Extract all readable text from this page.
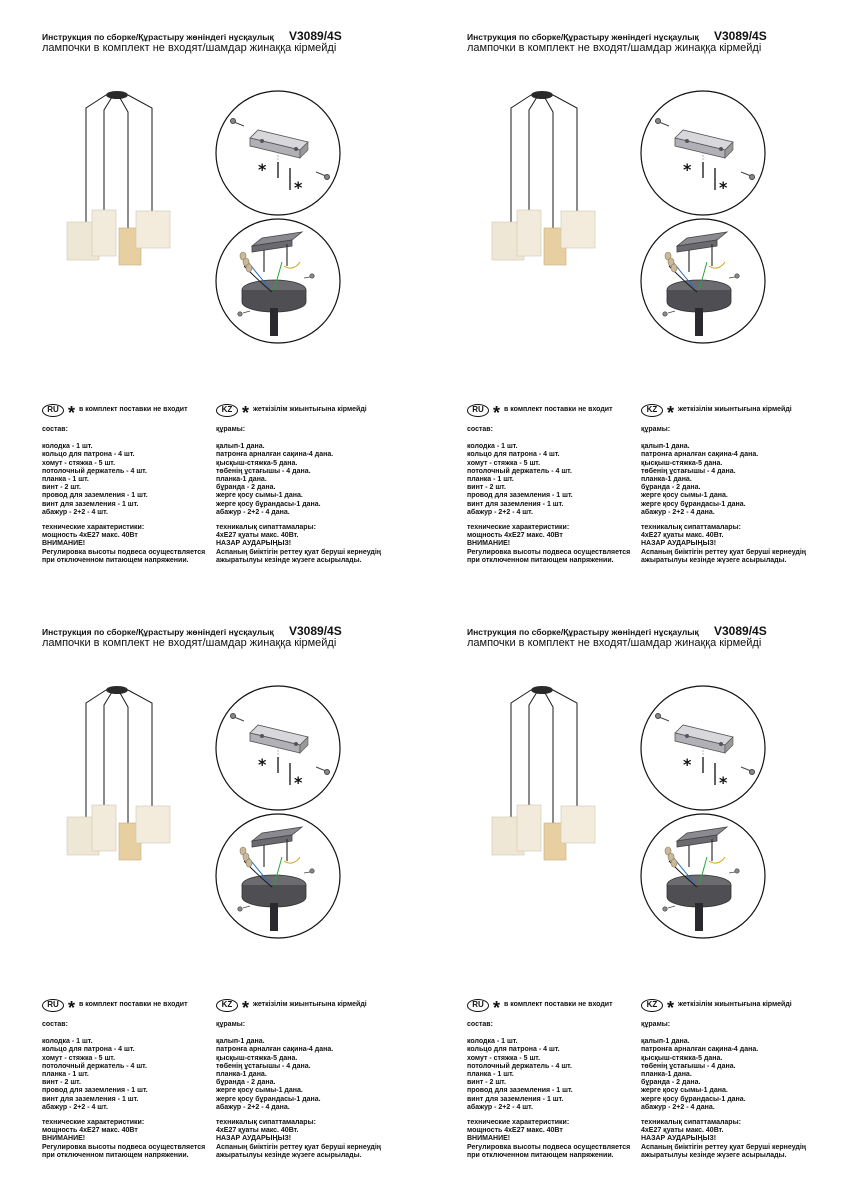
Инструкция по сборке/Құрастыру жөніндегі нұсқаулық V3089/4S
лампочки в комплект не входят/шамдар жинаққа кірмейді
*
*
RU * в комплект поставки не входит
состав:
колодка - 1 шт.
кольцо для патрона - 4 шт.
хомут - стяжка - 5 шт.
потолочный держатель - 4 шт.
планка - 1 шт.
винт - 2 шт.
провод для заземления - 1 шт.
винт для заземления - 1 шт.
абажур - 2+2 - 4 шт.
технические характеристики:
мощность 4xE27 макс. 40Вт
ВНИМАНИЕ!
Регулировка высоты подвеса осуществляется
при отключенном питающем напряжении.
KZ * жеткізілім жиынтығына кірмейді
құрамы:
қалып-1 дана.
патронға арналған сақина-4 дана.
қысқыш-стяжка-5 дана.
төбенің ұстағышы - 4 дана.
планка-1 дана.
бұранда - 2 дана.
жерге қосу сымы-1 дана.
жерге қосу бұрандасы-1 дана.
абажур - 2+2 - 4 дана.
техникалық сипаттамалары:
4xE27 қуаты макс. 40Вт.
НАЗАР АУДАРЫҢЫЗ!
Аспаның биіктігін реттеу қуат беруші кернеудің
ажыратылуы кезінде жүзеге асырылады.
Инструкция по сборке/Құрастыру жөніндегі нұсқаулық V3089/4S
лампочки в комплект не входят/шамдар жинаққа кірмейді
*
*
RU * в комплект поставки не входит
состав:
колодка - 1 шт.
кольцо для патрона - 4 шт.
хомут - стяжка - 5 шт.
потолочный держатель - 4 шт.
планка - 1 шт.
винт - 2 шт.
провод для заземления - 1 шт.
винт для заземления - 1 шт.
абажур - 2+2 - 4 шт.
технические характеристики:
мощность 4xE27 макс. 40Вт
ВНИМАНИЕ!
Регулировка высоты подвеса осуществляется
при отключенном питающем напряжении.
KZ * жеткізілім жиынтығына кірмейді
құрамы:
қалып-1 дана.
патронға арналған сақина-4 дана.
қысқыш-стяжка-5 дана.
төбенің ұстағышы - 4 дана.
планка-1 дана.
бұранда - 2 дана.
жерге қосу сымы-1 дана.
жерге қосу бұрандасы-1 дана.
абажур - 2+2 - 4 дана.
техникалық сипаттамалары:
4xE27 қуаты макс. 40Вт.
НАЗАР АУДАРЫҢЫЗ!
Аспаның биіктігін реттеу қуат беруші кернеудің
ажыратылуы кезінде жүзеге асырылады.
Инструкция по сборке/Құрастыру жөніндегі нұсқаулық V3089/4S
лампочки в комплект не входят/шамдар жинаққа кірмейді
*
*
RU * в комплект поставки не входит
состав:
колодка - 1 шт.
кольцо для патрона - 4 шт.
хомут - стяжка - 5 шт.
потолочный держатель - 4 шт.
планка - 1 шт.
винт - 2 шт.
провод для заземления - 1 шт.
винт для заземления - 1 шт.
абажур - 2+2 - 4 шт.
технические характеристики:
мощность 4xE27 макс. 40Вт
ВНИМАНИЕ!
Регулировка высоты подвеса осуществляется
при отключенном питающем напряжении.
KZ * жеткізілім жиынтығына кірмейді
құрамы:
қалып-1 дана.
патронға арналған сақина-4 дана.
қысқыш-стяжка-5 дана.
төбенің ұстағышы - 4 дана.
планка-1 дана.
бұранда - 2 дана.
жерге қосу сымы-1 дана.
жерге қосу бұрандасы-1 дана.
абажур - 2+2 - 4 дана.
техникалық сипаттамалары:
4xE27 қуаты макс. 40Вт.
НАЗАР АУДАРЫҢЫЗ!
Аспаның биіктігін реттеу қуат беруші кернеудің
ажыратылуы кезінде жүзеге асырылады.
Инструкция по сборке/Құрастыру жөніндегі нұсқаулық V3089/4S
лампочки в комплект не входят/шамдар жинаққа кірмейді
*
*
RU * в комплект поставки не входит
состав:
колодка - 1 шт.
кольцо для патрона - 4 шт.
хомут - стяжка - 5 шт.
потолочный держатель - 4 шт.
планка - 1 шт.
винт - 2 шт.
провод для заземления - 1 шт.
винт для заземления - 1 шт.
абажур - 2+2 - 4 шт.
технические характеристики:
мощность 4xE27 макс. 40Вт
ВНИМАНИЕ!
Регулировка высоты подвеса осуществляется
при отключенном питающем напряжении.
KZ * жеткізілім жиынтығына кірмейді
құрамы:
қалып-1 дана.
патронға арналған сақина-4 дана.
қысқыш-стяжка-5 дана.
төбенің ұстағышы - 4 дана.
планка-1 дана.
бұранда - 2 дана.
жерге қосу сымы-1 дана.
жерге қосу бұрандасы-1 дана.
абажур - 2+2 - 4 дана.
техникалық сипаттамалары:
4xE27 қуаты макс. 40Вт.
НАЗАР АУДАРЫҢЫЗ!
Аспаның биіктігін реттеу қуат беруші кернеудің
ажыратылуы кезінде жүзеге асырылады.
